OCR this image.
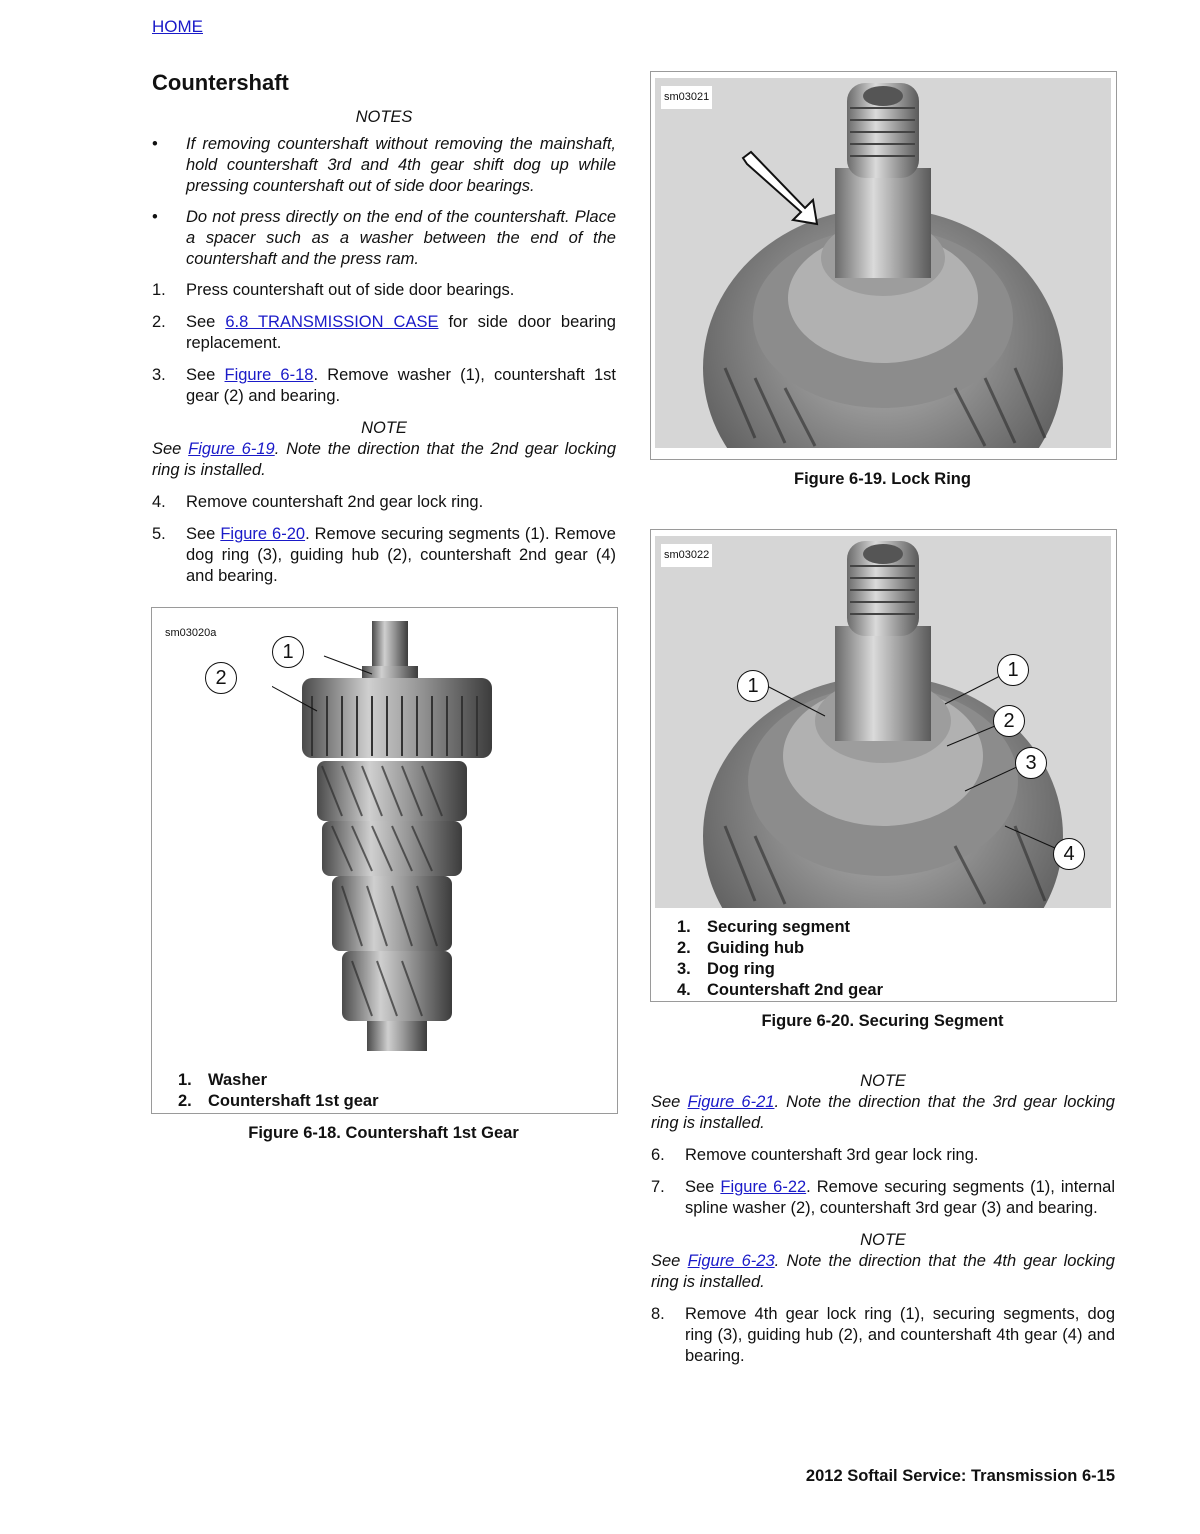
HOME
Countershaft
NOTES
• If removing countershaft without removing the mainshaft, hold countershaft 3rd and 4th gear shift dog up while pressing countershaft out of side door bearings.
• Do not press directly on the end of the countershaft. Place a spacer such as a washer between the end of the countershaft and the press ram.
1. Press countershaft out of side door bearings.
2. See 6.8 TRANSMISSION CASE for side door bearing replacement.
3. See Figure 6-18. Remove washer (1), countershaft 1st gear (2) and bearing.
NOTE
See Figure 6-19. Note the direction that the 2nd gear locking ring is installed.
4. Remove countershaft 2nd gear lock ring.
5. See Figure 6-20. Remove securing segments (1). Remove dog ring (3), guiding hub (2), countershaft 2nd gear (4) and bearing.
sm03020a
1
2
1. Washer
2. Countershaft 1st gear
Figure 6-18. Countershaft 1st Gear
sm03021
Figure 6-19. Lock Ring
sm03022
1
1
2
3
4
1. Securing segment
2. Guiding hub
3. Dog ring
4. Countershaft 2nd gear
Figure 6-20. Securing Segment
NOTE
See Figure 6-21. Note the direction that the 3rd gear locking ring is installed.
6. Remove countershaft 3rd gear lock ring.
7. See Figure 6-22. Remove securing segments (1), internal spline washer (2), countershaft 3rd gear (3) and bearing.
NOTE
See Figure 6-23. Note the direction that the 4th gear locking ring is installed.
8. Remove 4th gear lock ring (1), securing segments, dog ring (3), guiding hub (2), and countershaft 4th gear (4) and bearing.
2012 Softail Service: Transmission 6-15
